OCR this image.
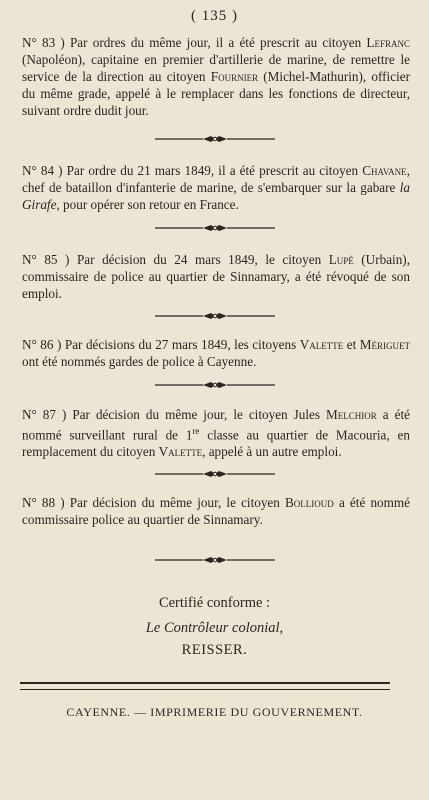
( 135 )
N° 83 ) Par ordres du même jour, il a été prescrit au citoyen Lefranc (Napoléon), capitaine en premier d'artillerie de marine, de remettre le service de la direction au citoyen Fournier (Michel-Mathurin), officier du même grade, appelé à le remplacer dans les fonctions de directeur, suivant ordre dudit jour.
N° 84 ) Par ordre du 21 mars 1849, il a été prescrit au citoyen Chavane, chef de bataillon d'infanterie de marine, de s'embarquer sur la gabare la Girafe, pour opérer son retour en France.
N° 85 ) Par décision du 24 mars 1849, le citoyen Lupé (Urbain), commissaire de police au quartier de Sinnamary, a été révoqué de son emploi.
N° 86 ) Par décisions du 27 mars 1849, les citoyens Valette et Mériguet ont été nommés gardes de police à Cayenne.
N° 87 ) Par décision du même jour, le citoyen Jules Melchior a été nommé surveillant rural de 1re classe au quartier de Macouria, en remplacement du citoyen Valette, appelé à un autre emploi.
N° 88 ) Par décision du même jour, le citoyen Bollioud a été nommé commissaire police au quartier de Sinnamary.
Certifié conforme :
Le Contrôleur colonial,
REISSER.
CAYENNE. — IMPRIMERIE DU GOUVERNEMENT.
